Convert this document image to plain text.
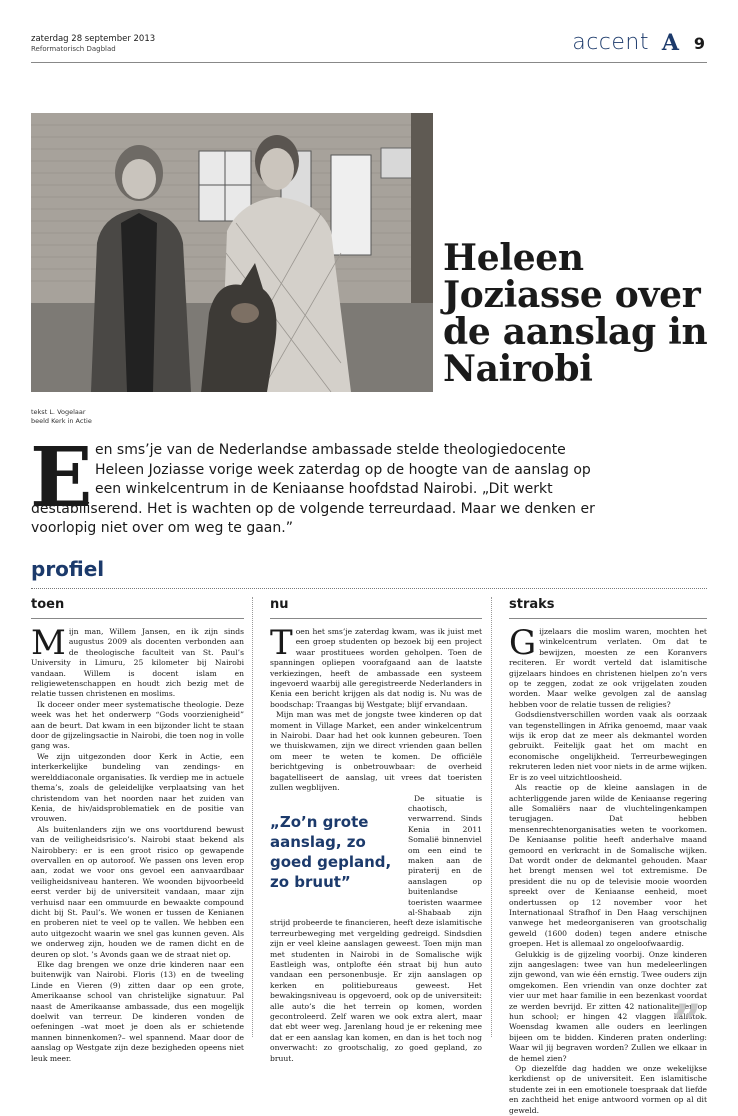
zaterdag 28 september 2013
Reformatorisch Dagblad	accent A 9
Heleen Joziasse over de aanslag in Nairobi
tekst L. Vogelaar
beeld Kerk in Actie
E en sms’je van de Nederlandse ambassade stelde theologiedocente Heleen Joziasse vorige week zaterdag op de hoogte van de aanslag op een winkelcentrum in de Keniaanse hoofdstad Nairobi. „Dit werkt destabiliserend. Het is wachten op de volgende terreurdaad. Maar we denken er voorlopig niet over om weg te gaan.”

profiel
toen

Mijn man, Willem Jansen, en ik zijn sinds augustus 2009 als docenten verbonden aan de theologische faculteit van St. Paul’s University in Limuru, 25 kilometer bij Nairobi vandaan. Willem is docent islam en religiewetenschappen en houdt zich bezig met de relatie tussen christenen en moslims.

Ik doceer onder meer systematische theologie. Deze week was het het onderwerp “Gods voorzienigheid” aan de beurt. Dat kwam in een bijzonder licht te staan door de gijzelingsactie in Nairobi, die toen nog in volle gang was.

We zijn uitgezonden door Kerk in Actie, een interkerkelijke bundeling van zendings- en werelddiaconale organisaties. Ik verdiep me in actuele thema’s, zoals de geleidelijke verplaatsing van het christendom van het noorden naar het zuiden van Kenia, de hiv/aidsproblematiek en de positie van vrouwen.

Als buitenlanders zijn we ons voortdurend bewust van de veiligheidsrisico’s. Nairobi staat bekend als Nairobbery: er is een groot risico op gewapende overvallen en op autoroof. We passen ons leven erop aan, zodat we voor ons gevoel een aanvaardbaar veiligheidsniveau hanteren. We woonden bijvoorbeeld eerst verder bij de universiteit vandaan, maar zijn verhuisd naar een ommuurde en bewaakte compound dicht bij St. Paul’s. We wonen er tussen de Kenianen en proberen niet te veel op te vallen. We hebben een auto uitgezocht waarin we snel gas kunnen geven. Als we onderweg zijn, houden we de ramen dicht en de deuren op slot. ’s Avonds gaan we de straat niet op.

Elke dag brengen we onze drie kinderen naar een buitenwijk van Nairobi. Floris (13) en de tweeling Linde en Vieren (9) zitten daar op een grote, Amerikaanse school van christelijke signatuur. Pal naast de Amerikaanse ambassade, dus een mogelijk doelwit van terreur. De kinderen vonden de oefeningen –wat moet je doen als er schietende mannen binnenkomen?– wel spannend. Maar door de aanslag op Westgate zijn deze bezigheden opeens niet leuk meer.

nu

Toen het sms’je zaterdag kwam, was ik juist met een groep studenten op bezoek bij een project waar prostituees worden geholpen. Toen de spanningen opliepen voorafgaand aan de laatste verkiezingen, heeft de ambassade een systeem ingevoerd waarbij alle geregistreerde Nederlanders in Kenia een bericht krijgen als dat nodig is. Nu was de boodschap: Traangas bij Westgate; blijf ervandaan.

Mijn man was met de jongste twee kinderen op dat moment in Village Market, een ander winkelcentrum in Nairobi. Daar had het ook kunnen gebeuren. Toen we thuiskwamen, zijn we direct vrienden gaan bellen om meer te weten te komen. De officiële berichtgeving is onbetrouwbaar: de overheid bagatelliseert de aanslag, uit vrees dat toeristen zullen wegblijven.

De situatie is chaotisch, verwarrend. Sinds Kenia in 2011 Somalië binnenviel om een eind te maken aan de piraterij en de aanslagen op buitenlandse toeristen waarmee al-Shabaab zijn strijd probeerde te financieren, heeft deze islamitische terreurbeweging met vergelding gedreigd. Sindsdien zijn er veel kleine aanslagen geweest. Toen mijn man met studenten in Nairobi in de Somalische wijk Eastleigh was, ontplofte één straat bij hun auto vandaan een personenbusje. Er zijn aanslagen op kerken en politiebureaus geweest. Het bewakingsniveau is opgevoerd, ook op de universiteit: alle auto’s die het terrein op komen, worden gecontroleerd. Zelf waren we ook extra alert, maar dat ebt weer weg. Jarenlang houd je er rekening mee dat er een aanslag kan komen, en dan is het toch nog onverwacht: zo grootschalig, zo goed gepland, zo bruut.

„Zo’n grote aanslag, zo goed gepland, zo bruut”
straks

Gijzelaars die moslim waren, mochten het winkelcentrum verlaten. Om dat te bewijzen, moesten ze een Koranvers reciteren. Er wordt verteld dat islamitische gijzelaars hindoes en christenen hielpen zo’n vers op te zeggen, zodat ze ook vrijgelaten zouden worden. Maar welke gevolgen zal de aanslag hebben voor de relatie tussen de religies?

Godsdienstverschillen worden vaak als oorzaak van tegenstellingen in Afrika genoemd, maar vaak wijs ik erop dat ze meer als dekmantel worden gebruikt. Feitelijk gaat het om macht en economische ongelijkheid. Terreurbewegingen rekruteren leden niet voor niets in de arme wijken. Er is zo veel uitzichtloosheid.

Als reactie op de kleine aanslagen in de achterliggende jaren wilde de Keniaanse regering alle Somaliërs naar de vluchtelingenkampen terugjagen. Dat hebben mensenrechtenorganisaties weten te voorkomen. De Keniaanse politie heeft anderhalve maand gemoord en verkracht in de Somalische wijken. Dat wordt onder de dekmantel gehouden. Maar het brengt mensen wel tot extremisme. De president die nu op de televisie mooie woorden spreekt over de Keniaanse eenheid, moet ondertussen op 12 november voor het Internationaal Strafhof in Den Haag verschijnen vanwege het medeorganiseren van grootschalig geweld (1600 doden) tegen andere etnische groepen. Het is allemaal zo ongeloofwaardig.

Gelukkig is de gijzeling voorbij. Onze kinderen zijn aangeslagen: twee van hun medeleerlingen zijn gewond, van wie één ernstig. Twee ouders zijn omgekomen. Een vriendin van onze dochter zat vier uur met haar familie in een bezenkast voordat ze werden bevrijd. Er zitten 42 nationaliteiten op hun school; er hingen 42 vlaggen halfstok. Woensdag kwamen alle ouders en leerlingen bijeen om te bidden. Kinderen praten onderling: Waar wil jij begraven worden? Zullen we elkaar in de hemel zien?

Op diezelfde dag hadden we onze wekelijkse kerkdienst op de universiteit. Een islamitische studente zei in een emotionele toespraak dat liefde en zachtheid het enige antwoord vormen op al dit geweld.

”
